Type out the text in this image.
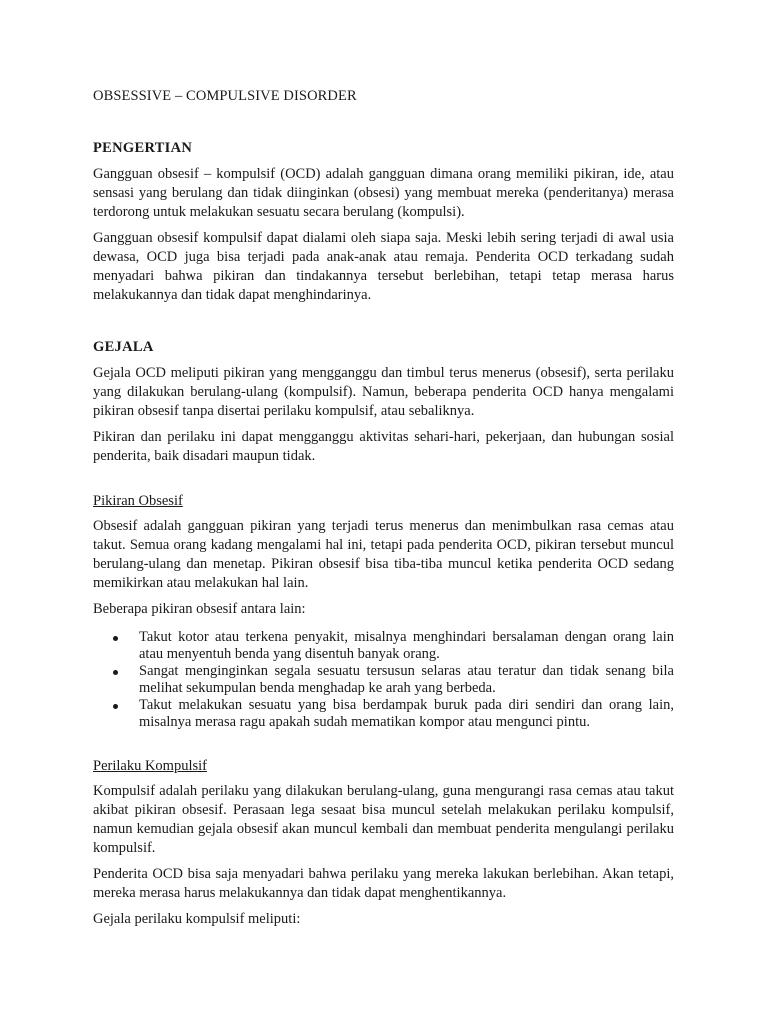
OBSESSIVE – COMPULSIVE DISORDER
PENGERTIAN

Gangguan obsesif – kompulsif (OCD) adalah gangguan dimana orang memiliki pikiran, ide, atau sensasi yang berulang dan tidak diinginkan (obsesi) yang membuat mereka (penderitanya) merasa terdorong untuk melakukan sesuatu secara berulang (kompulsi).

Gangguan obsesif kompulsif dapat dialami oleh siapa saja. Meski lebih sering terjadi di awal usia dewasa, OCD juga bisa terjadi pada anak-anak atau remaja. Penderita OCD terkadang sudah menyadari bahwa pikiran dan tindakannya tersebut berlebihan, tetapi tetap merasa harus melakukannya dan tidak dapat menghindarinya.

GEJALA

Gejala OCD meliputi pikiran yang mengganggu dan timbul terus menerus (obsesif), serta perilaku yang dilakukan berulang-ulang (kompulsif). Namun, beberapa penderita OCD hanya mengalami pikiran obsesif tanpa disertai perilaku kompulsif, atau sebaliknya.

Pikiran dan perilaku ini dapat mengganggu aktivitas sehari-hari, pekerjaan, dan hubungan sosial penderita, baik disadari maupun tidak.

Pikiran Obsesif

Obsesif adalah gangguan pikiran yang terjadi terus menerus dan menimbulkan rasa cemas atau takut. Semua orang kadang mengalami hal ini, tetapi pada penderita OCD, pikiran tersebut muncul berulang-ulang dan menetap. Pikiran obsesif bisa tiba-tiba muncul ketika penderita OCD sedang memikirkan atau melakukan hal lain.

Beberapa pikiran obsesif antara lain:

Takut kotor atau terkena penyakit, misalnya menghindari bersalaman dengan orang lain atau menyentuh benda yang disentuh banyak orang.
Sangat menginginkan segala sesuatu tersusun selaras atau teratur dan tidak senang bila melihat sekumpulan benda menghadap ke arah yang berbeda.
Takut melakukan sesuatu yang bisa berdampak buruk pada diri sendiri dan orang lain, misalnya merasa ragu apakah sudah mematikan kompor atau mengunci pintu.
Perilaku Kompulsif

Kompulsif adalah perilaku yang dilakukan berulang-ulang, guna mengurangi rasa cemas atau takut akibat pikiran obsesif. Perasaan lega sesaat bisa muncul setelah melakukan perilaku kompulsif, namun kemudian gejala obsesif akan muncul kembali dan membuat penderita mengulangi perilaku kompulsif.

Penderita OCD bisa saja menyadari bahwa perilaku yang mereka lakukan berlebihan. Akan tetapi, mereka merasa harus melakukannya dan tidak dapat menghentikannya.

Gejala perilaku kompulsif meliputi:
